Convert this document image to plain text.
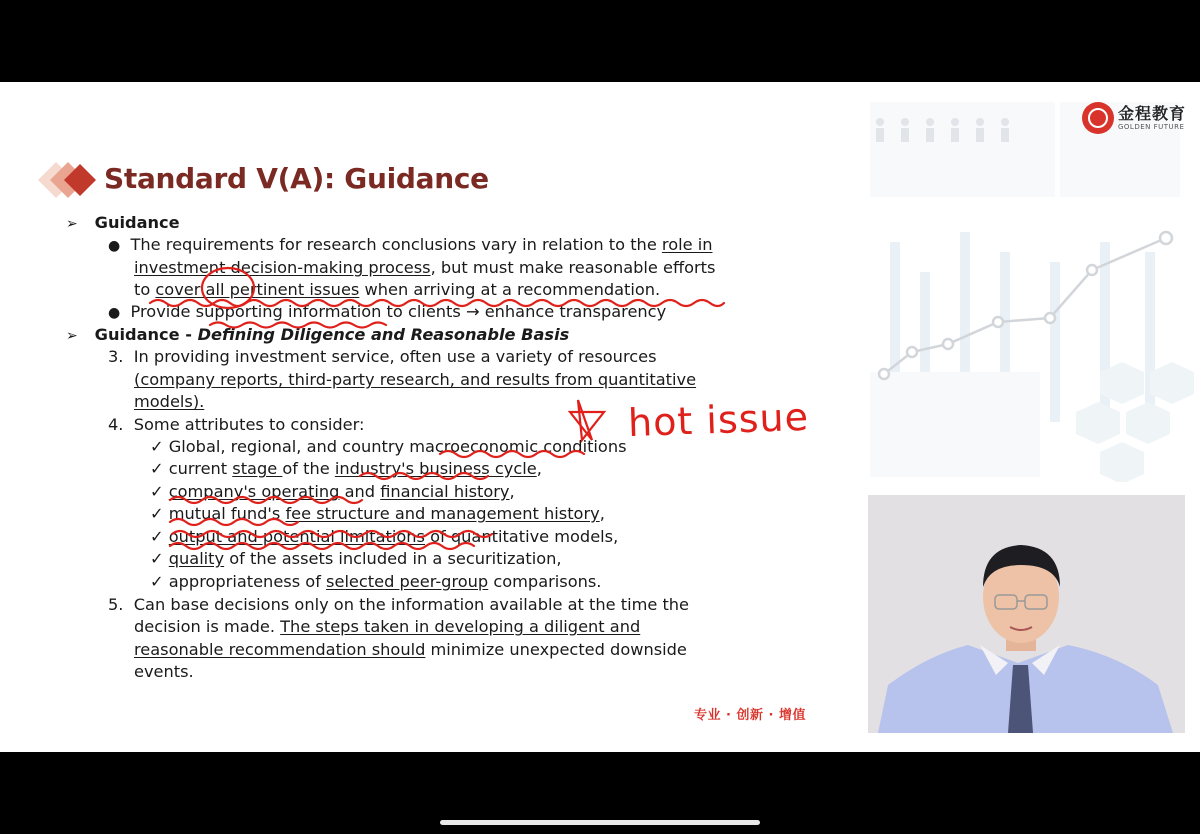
金程教育
GOLDEN FUTURE
Standard V(A): Guidance
➢ Guidance
● The requirements for research conclusions vary in relation to the role in
investment decision-making process, but must make reasonable efforts
to cover all pertinent issues when arriving at a recommendation.
● Provide supporting information to clients → enhance transparency
➢ Guidance - Defining Diligence and Reasonable Basis
3. In providing investment service, often use a variety of resources
(company reports, third-party research, and results from quantitative
models).
4. Some attributes to consider:
✓ Global, regional, and country macroeconomic conditions
✓ current stage of the industry's business cycle,
✓ company's operating and financial history,
✓ mutual fund's fee structure and management history,
✓ output and potential limitations of quantitative models,
✓ quality of the assets included in a securitization,
✓ appropriateness of selected peer-group comparisons.
5. Can base decisions only on the information available at the time the
decision is made. The steps taken in developing a diligent and
reasonable recommendation should minimize unexpected downside
events.
专业 · 创新 · 增值
hot issue
